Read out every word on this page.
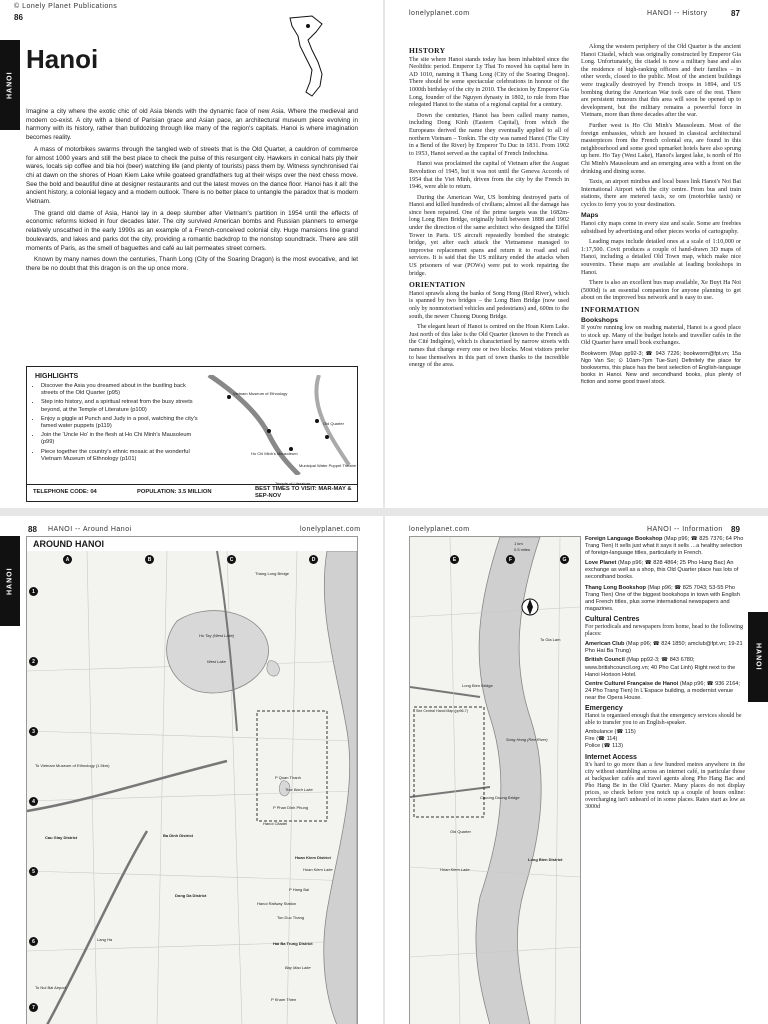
© Lonely Planet Publications
86
HANOI
Hanoi

Imagine a city where the exotic chic of old Asia blends with the dynamic face of new Asia. Where the medieval and modern co-exist. A city with a blend of Parisian grace and Asian pace, an architectural museum piece evolving in harmony with its history, rather than bulldozing through like many of the region's capitals. Hanoi is where imagination becomes reality.

A mass of motorbikes swarms through the tangled web of streets that is the Old Quarter, a cauldron of commerce for almost 1000 years and still the best place to check the pulse of this resurgent city. Hawkers in conical hats ply their wares, locals sip coffee and bia hoi (beer) watching life (and plenty of tourists) pass them by. Witness synchronised t'ai chi at dawn on the shores of Hoan Kiem Lake while goateed grandfathers tug at their wisps over the next chess move. See the bold and beautiful dine at designer restaurants and cut the latest moves on the dance floor. Hanoi has it all: the ancient history, a colonial legacy and a modern outlook. There is no better place to untangle the paradox that is modern Vietnam.

The grand old dame of Asia, Hanoi lay in a deep slumber after Vietnam's partition in 1954 until the effects of economic reforms kicked in four decades later. The city survived American bombs and Russian planners to emerge relatively unscathed in the early 1990s as an example of a French-conceived colonial city. Huge mansions line grand boulevards, and lakes and parks dot the city, providing a romantic backdrop to the nonstop soundtrack. There are still moments of Paris, as the smell of baguettes and café au lait permeates street corners.

Known by many names down the centuries, Thanh Long (City of the Soaring Dragon) is the most evocative, and let there be no doubt that this dragon is on the up once more.

HIGHLIGHTS
• Discover the Asia you dreamed about in the bustling back streets of the Old Quarter (p95)
• Step into history, and a spiritual retreat from the busy streets beyond, at the Temple of Literature (p100)
• Enjoy a giggle at Punch and Judy in a pool, watching the city's famed water puppets (p119)
• Join the 'Uncle Ho' in the flesh at Ho Chi Minh's Mausoleum (p99)
• Piece together the country's ethnic mosaic at the wonderful Vietnam Museum of Ethnology (p101)
Vietnam Museum of Ethnology
Ho Chi Minh's Mausoleum
Temple of Literature
Old Quarter
Municipal Water Puppet Theatre
TELEPHONE CODE: 04	POPULATION: 3.5 MILLION	BEST TIMES TO VISIT: MAR-MAY & SEP-NOV
lonelyplanet.com	HANOI -- History	87
HISTORY

The site where Hanoi stands today has been inhabited since the Neolithic period. Emperor Ly Thai To moved his capital here in AD 1010, naming it Thang Long (City of the Soaring Dragon). There should be some spectacular celebrations in honour of the 1000th birthday of the city in 2010. The decision by Emperor Gia Long, founder of the Nguyen dynasty in 1802, to rule from Hue relegated Hanoi to the status of a regional capital for a century.

Down the centuries, Hanoi has been called many names, including Dong Kinh (Eastern Capital), from which the Europeans derived the name they eventually applied to all of northern Vietnam – Tonkin. The city was named Hanoi (The City in a Bend of the River) by Emperor Tu Duc in 1831. From 1902 to 1953, Hanoi served as the capital of French Indochina.

Hanoi was proclaimed the capital of Vietnam after the August Revolution of 1945, but it was not until the Geneva Accords of 1954 that the Viet Minh, driven from the city by the French in 1946, were able to return.

During the American War, US bombing destroyed parts of Hanoi and killed hundreds of civilians; almost all the damage has since been repaired. One of the prime targets was the 1682m-long Long Bien Bridge, originally built between 1888 and 1902 under the direction of the same architect who designed the Eiffel Tower in Paris. US aircraft repeatedly bombed the strategic bridge, yet after each attack the Vietnamese managed to improvise replacement spans and return it to road and rail services. It is said that the US military ended the attacks when US prisoners of war (POWs) were put to work repairing the bridge.

ORIENTATION

Hanoi sprawls along the banks of Song Hong (Red River), which is spanned by two bridges – the Long Bien Bridge (now used only by nonmotorised vehicles and pedestrians) and, 600m to the south, the newer Chuong Duong Bridge.

The elegant heart of Hanoi is centred on the Hoan Kiem Lake. Just north of this lake is the Old Quarter (known to the French as the Cité Indigène), which is characterised by narrow streets with names that change every one or two blocks. Most visitors prefer to base themselves in this part of town thanks to the incredible energy of the area.

Along the western periphery of the Old Quarter is the ancient Hanoi Citadel, which was originally constructed by Emperor Gia Long. Unfortunately, the citadel is now a military base and also the residence of high-ranking officers and their families – in other words, closed to the public. Most of the ancient buildings were tragically destroyed by French troops in 1894, and US bombing during the American War took care of the rest. There are persistent rumours that this area will soon be opened up to development, but the military remains a powerful force in Vietnam, more than three decades after the war.

Further west is Ho Chi Minh's Mausoleum. Most of the foreign embassies, which are housed in classical architectural masterpieces from the French colonial era, are found in this neighbourhood and some good upmarket hotels have also sprung up here. Ho Tay (West Lake), Hanoi's largest lake, is north of Ho Chi Minh's Mausoleum and an emerging area with a front on the drinking and dining scene.

Taxis, an airport minibus and local buses link Hanoi's Noi Bai International Airport with the city centre. From bus and train stations, there are metered taxis, xe om (motorbike taxis) or cyclos to ferry you to your destination.

Maps

Hanoi city maps come in every size and scale. Some are freebies subsidised by advertising and other pieces works of cartography.

Leading maps include detailed ones at a scale of 1:10,000 or 1:17,500. Covit produces a couple of hand-drawn 3D maps of Hanoi, including a detailed Old Town map, which make nice souvenirs. These maps are available at leading bookshops in Hanoi.

There is also an excellent bus map available, Xe Buyt Ha Noi (5000d) is an essential companion for anyone planning to get about on the improved bus network and is easy to use.

INFORMATION
Bookshops

If you're running low on reading material, Hanoi is a good place to stock up. Many of the budget hotels and traveller cafés in the Old Quarter have small book exchanges.

Bookworm (Map pp92-3; ☎ 943 7226; bookworm@fpt.vn; 15a Ngo Van So; ⊙ 10am-7pm Tue-Sun) Definitely the place for bookworms, this place has the best selection of English-language books in Hanoi. New and secondhand books, plus plenty of fiction and some good travel stock.

88 HANOI -- Around Hanoi	lonelyplanet.com
HANOI
AROUND HANOI
Ho Tay (West Lake)
To Vietnam Museum of Ethnology (1.5km)
Cau Giay District	Ba Dinh District
Hoan Kiem District
Dong Da District
Hai Ba Trung District
To Noi Bai Airport
Thang Long Bridge
P Quan Thanh
P Phan Dinh Phung
P Hang Bai
Ton Duc Thang
Lang Ha
Hoan Kiem Lake
Bay Mau Lake
Hanoi Railway Station
P Kham Thien
Hanoi Citadel
West Lake
Truc Bach Lake
A	B	C	D
1
2
3
4
5
6
7
lonelyplanet.com	HANOI -- Information 89
HANOI
1 km
0.5 miles
Song Hong (Red River)
Long Bien Bridge
Chuong Duong Bridge
Old Quarter
Hoan Kiem Lake
See Central Hanoi Map (pp96-7)
Long Bien District
To Gia Lam
E	F	G

Foreign Language Bookshop (Map p96; ☎ 825 7376; 64 Pho Trang Tien) It sells just what it says it sells …a healthy selection of foreign-language titles, particularly in French.

Love Planet (Map p96; ☎ 828 4864; 25 Pho Hang Bac) An exchange as well as a shop, this Old Quarter place has lots of secondhand books.

Thang Long Bookshop (Map p96; ☎ 825 7043; 53-55 Pho Trang Tien) One of the biggest bookshops in town with English and French titles, plus some international newspapers and magazines.

Cultural Centres

For periodicals and newspapers from home, head to the following places:

American Club (Map p96; ☎ 824 1850; amclub@fpt.vn; 19-21 Pho Hai Ba Trung)

British Council (Map pp92-3; ☎ 843 6780; www.britishcouncil.org.vn; 40 Pho Cat Linh) Right next to the Hanoi Horison Hotel.

Centre Culturel Française de Hanoi (Map p96; ☎ 936 2164; 24 Pho Trang Tien) In L'Espace building, a modernist venue near the Opera House.

Emergency

Hanoi is organised enough that the emergency services should be able to transfer you to an English-speaker.

Ambulance (☎ 115)
Fire (☎ 114)
Police (☎ 113)
Internet Access

It's hard to go more than a few hundred metres anywhere in the city without stumbling across an internet café, in particular those at backpacker cafés and travel agents along Pho Hang Bac and Pho Hang Be in the Old Quarter. Many places do not display prices, so check before you notch up a couple of hours online: overcharging isn't unheard of in some places. Rates start as low as 3000d
